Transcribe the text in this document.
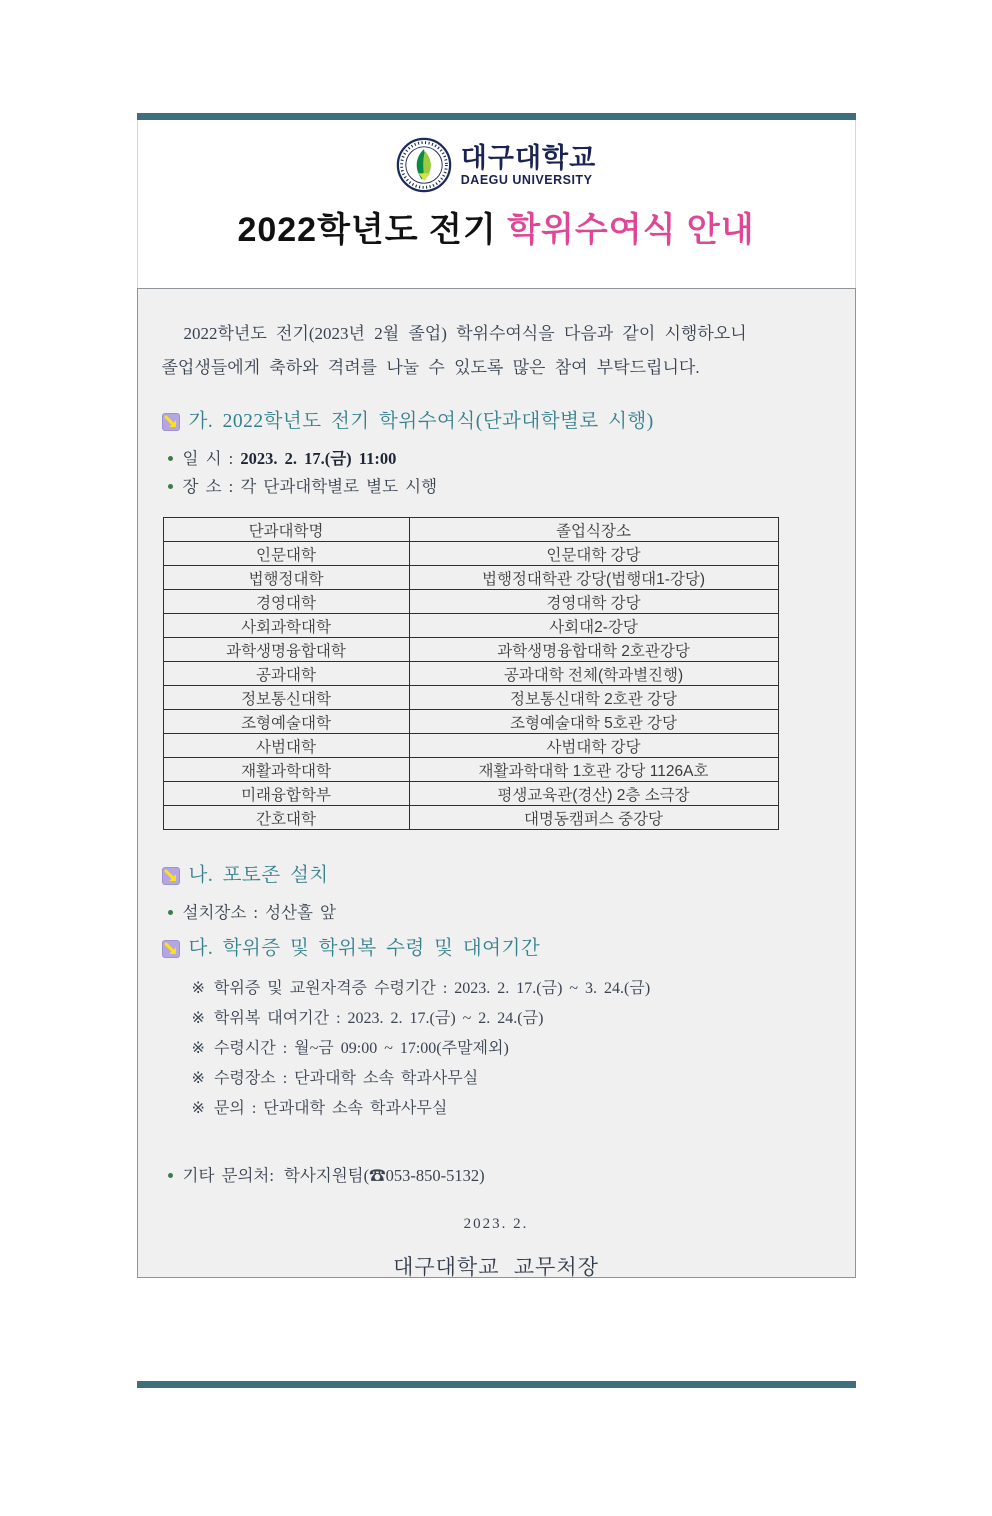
대구대학교
DAEGU UNIVERSITY
2022학년도 전기 학위수여식 안내
2022학년도 전기(2023년 2월 졸업) 학위수여식을 다음과 같이 시행하오니
졸업생들에게 축하와 격려를 나눌 수 있도록 많은 참여 부탁드립니다.
가. 2022학년도 전기 학위수여식(단과대학별로 시행)
일 시 : 2023. 2. 17.(금) 11:00
장 소 : 각 단과대학별로 별도 시행
단과대학명	졸업식장소
인문대학	인문대학 강당
법행정대학	법행정대학관 강당(법행대1-강당)
경영대학	경영대학 강당
사회과학대학	사회대2-강당
과학생명융합대학	과학생명융합대학 2호관강당
공과대학	공과대학 전체(학과별진행)
정보통신대학	정보통신대학 2호관 강당
조형예술대학	조형예술대학 5호관 강당
사범대학	사범대학 강당
재활과학대학	재활과학대학 1호관 강당 1126A호
미래융합학부	평생교육관(경산) 2층 소극장
간호대학	대명동캠퍼스 중강당
나. 포토존 설치
설치장소 : 성산홀 앞
다. 학위증 및 학위복 수령 및 대여기간
※ 학위증 및 교원자격증 수령기간 : 2023. 2. 17.(금) ~ 3. 24.(금)
※ 학위복 대여기간 : 2023. 2. 17.(금) ~ 2. 24.(금)
※ 수령시간 : 월~금 09:00 ~ 17:00(주말제외)
※ 수령장소 : 단과대학 소속 학과사무실
※ 문의 : 단과대학 소속 학과사무실
기타 문의처: 학사지원팀(☎053-850-5132)
2023. 2.
대구대학교 교무처장
